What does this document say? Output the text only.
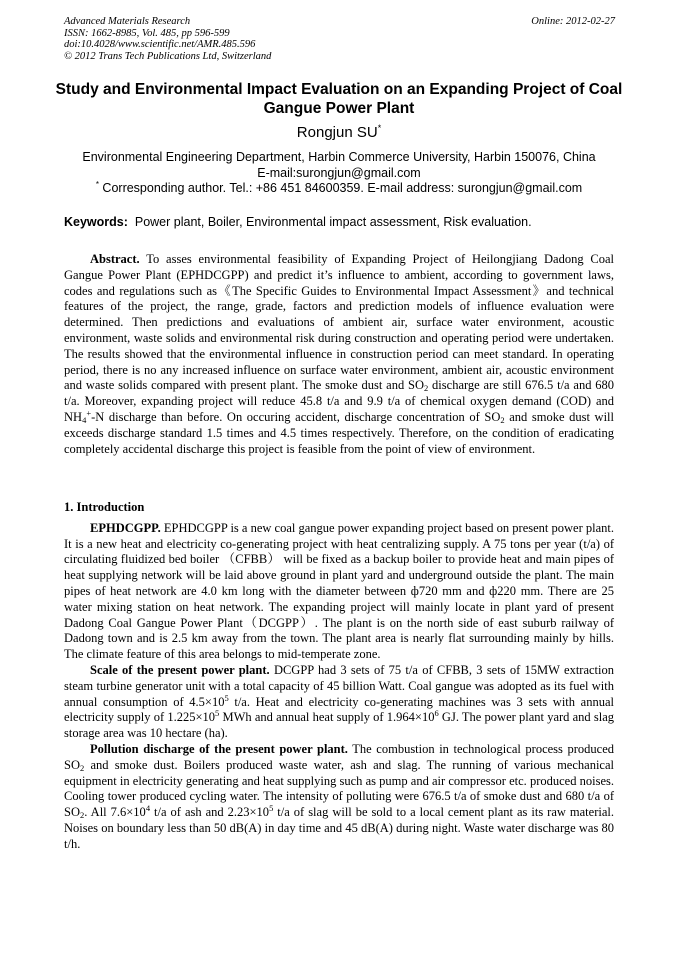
Advanced Materials Research
ISSN: 1662-8985, Vol. 485, pp 596-599
doi:10.4028/www.scientific.net/AMR.485.596
© 2012 Trans Tech Publications Ltd, Switzerland
Online: 2012-02-27
Study and Environmental Impact Evaluation on an Expanding Project of Coal Gangue Power Plant
Rongjun SU*
Environmental Engineering Department, Harbin Commerce University, Harbin 150076, China
E-mail:surongjun@gmail.com
* Corresponding author. Tel.: +86 451 84600359. E-mail address: surongjun@gmail.com
Keywords: Power plant, Boiler, Environmental impact assessment, Risk evaluation.

Abstract. To asses environmental feasibility of Expanding Project of Heilongjiang Dadong Coal Gangue Power Plant (EPHDCGPP) and predict it’s influence to ambient, according to government laws, codes and regulations such as《The Specific Guides to Environmental Impact Assessment》and technical features of the project, the range, grade, factors and prediction models of influence evaluation were determined. Then predictions and evaluations of ambient air, surface water environment, acoustic environment, waste solids and environmental risk during construction and operating period were undertaken. The results showed that the environmental influence in construction period can meet standard. In operating period, there is no any increased influence on surface water environment, ambient air, acoustic environment and waste solids compared with present plant. The smoke dust and $SO_2$ discharge are still 676.5 t/a and 680 t/a. Moreover, expanding project will reduce 45.8 t/a and 9.9 t/a of chemical oxygen demand (COD) and $NH_4^+-N$ discharge than before. On occuring accident, discharge concentration of $SO_2$ and smoke dust will exceeds discharge standard 1.5 times and 4.5 times respectively. Therefore, on the condition of eradicating completely accidental discharge this project is feasible from the point of view of environment.

1. Introduction

EPHDCGPP. EPHDCGPP is a new coal gangue power expanding project based on present power plant. It is a new heat and electricity co-generating project with heat centralizing supply. A 75 tons per year (t/a) of circulating fluidized bed boiler （CFBB） will be fixed as a backup boiler to provide heat and main pipes of heat supplying network will be laid above ground in plant yard and underground outside the plant. The main pipes of heat network are 4.0 km long with the diameter between ф720 mm and ф220 mm. There are 25 water mixing station on heat network. The expanding project will mainly locate in plant yard of present Dadong Coal Gangue Power Plant（DCGPP）. The plant is on the north side of east suburb railway of Dadong town and is 2.5 km away from the town. The plant area is nearly flat surrounding mainly by hills. The climate feature of this area belongs to mid-temperate zone.

Scale of the present power plant. DCGPP had 3 sets of 75 t/a of CFBB, 3 sets of 15MW extraction steam turbine generator unit with a total capacity of 45 billion Watt. Coal gangue was adopted as its fuel with annual consumption of $4.5\times 10^5$ t/a. Heat and electricity co-generating machines was 3 sets with annual electricity supply of $1.225\times 10^5$ MWh and annual heat supply of $1.964\times 10^6$ GJ. The power plant yard and slag storage area was 10 hectare (ha).

Pollution discharge of the present power plant. The combustion in technological process produced $SO_2$ and smoke dust. Boilers produced waste water, ash and slag. The running of various mechanical equipment in electricity generating and heat supplying such as pump and air compressor etc. produced noises. Cooling tower produced cycling water. The intensity of polluting were 676.5 t/a of smoke dust and 680 t/a of $SO_2$. All $7.6\times 10^4$ t/a of ash and $2.23\times 10^5$ t/a of slag will be sold to a local cement plant as its raw material. Noises on boundary less than 50 dB(A) in day time and 45 dB(A) during night. Waste water discharge was 80 t/h.
